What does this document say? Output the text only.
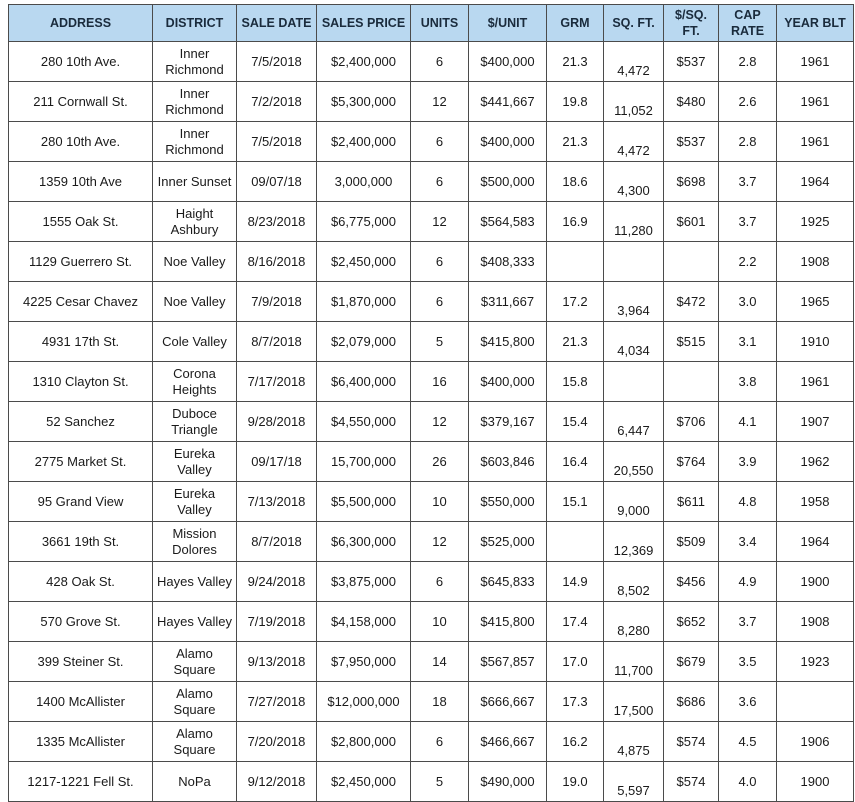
ADDRESS	DISTRICT	SALE DATE	SALES PRICE	UNITS	$/UNIT	GRM	SQ. FT.	$/SQ. FT.	CAP RATE	YEAR BLT
280 10th Ave.	Inner Richmond	7/5/2018	$2,400,000	6	$400,000	21.3	4,472	$537	2.8	1961
211 Cornwall St.	Inner Richmond	7/2/2018	$5,300,000	12	$441,667	19.8	11,052	$480	2.6	1961
280 10th Ave.	Inner Richmond	7/5/2018	$2,400,000	6	$400,000	21.3	4,472	$537	2.8	1961
1359 10th Ave	Inner Sunset	09/07/18	3,000,000	6	$500,000	18.6	4,300	$698	3.7	1964
1555 Oak St.	Haight Ashbury	8/23/2018	$6,775,000	12	$564,583	16.9	11,280	$601	3.7	1925
1129 Guerrero St.	Noe Valley	8/16/2018	$2,450,000	6	$408,333				2.2	1908
4225 Cesar Chavez	Noe Valley	7/9/2018	$1,870,000	6	$311,667	17.2	3,964	$472	3.0	1965
4931 17th St.	Cole Valley	8/7/2018	$2,079,000	5	$415,800	21.3	4,034	$515	3.1	1910
1310 Clayton St.	Corona Heights	7/17/2018	$6,400,000	16	$400,000	15.8			3.8	1961
52 Sanchez	Duboce Triangle	9/28/2018	$4,550,000	12	$379,167	15.4	6,447	$706	4.1	1907
2775 Market St.	Eureka Valley	09/17/18	15,700,000	26	$603,846	16.4	20,550	$764	3.9	1962
95 Grand View	Eureka Valley	7/13/2018	$5,500,000	10	$550,000	15.1	9,000	$611	4.8	1958
3661 19th St.	Mission Dolores	8/7/2018	$6,300,000	12	$525,000		12,369	$509	3.4	1964
428 Oak St.	Hayes Valley	9/24/2018	$3,875,000	6	$645,833	14.9	8,502	$456	4.9	1900
570 Grove St.	Hayes Valley	7/19/2018	$4,158,000	10	$415,800	17.4	8,280	$652	3.7	1908
399 Steiner St.	Alamo Square	9/13/2018	$7,950,000	14	$567,857	17.0	11,700	$679	3.5	1923
1400 McAllister	Alamo Square	7/27/2018	$12,000,000	18	$666,667	17.3	17,500	$686	3.6	
1335 McAllister	Alamo Square	7/20/2018	$2,800,000	6	$466,667	16.2	4,875	$574	4.5	1906
1217-1221 Fell St.	NoPa	9/12/2018	$2,450,000	5	$490,000	19.0	5,597	$574	4.0	1900
